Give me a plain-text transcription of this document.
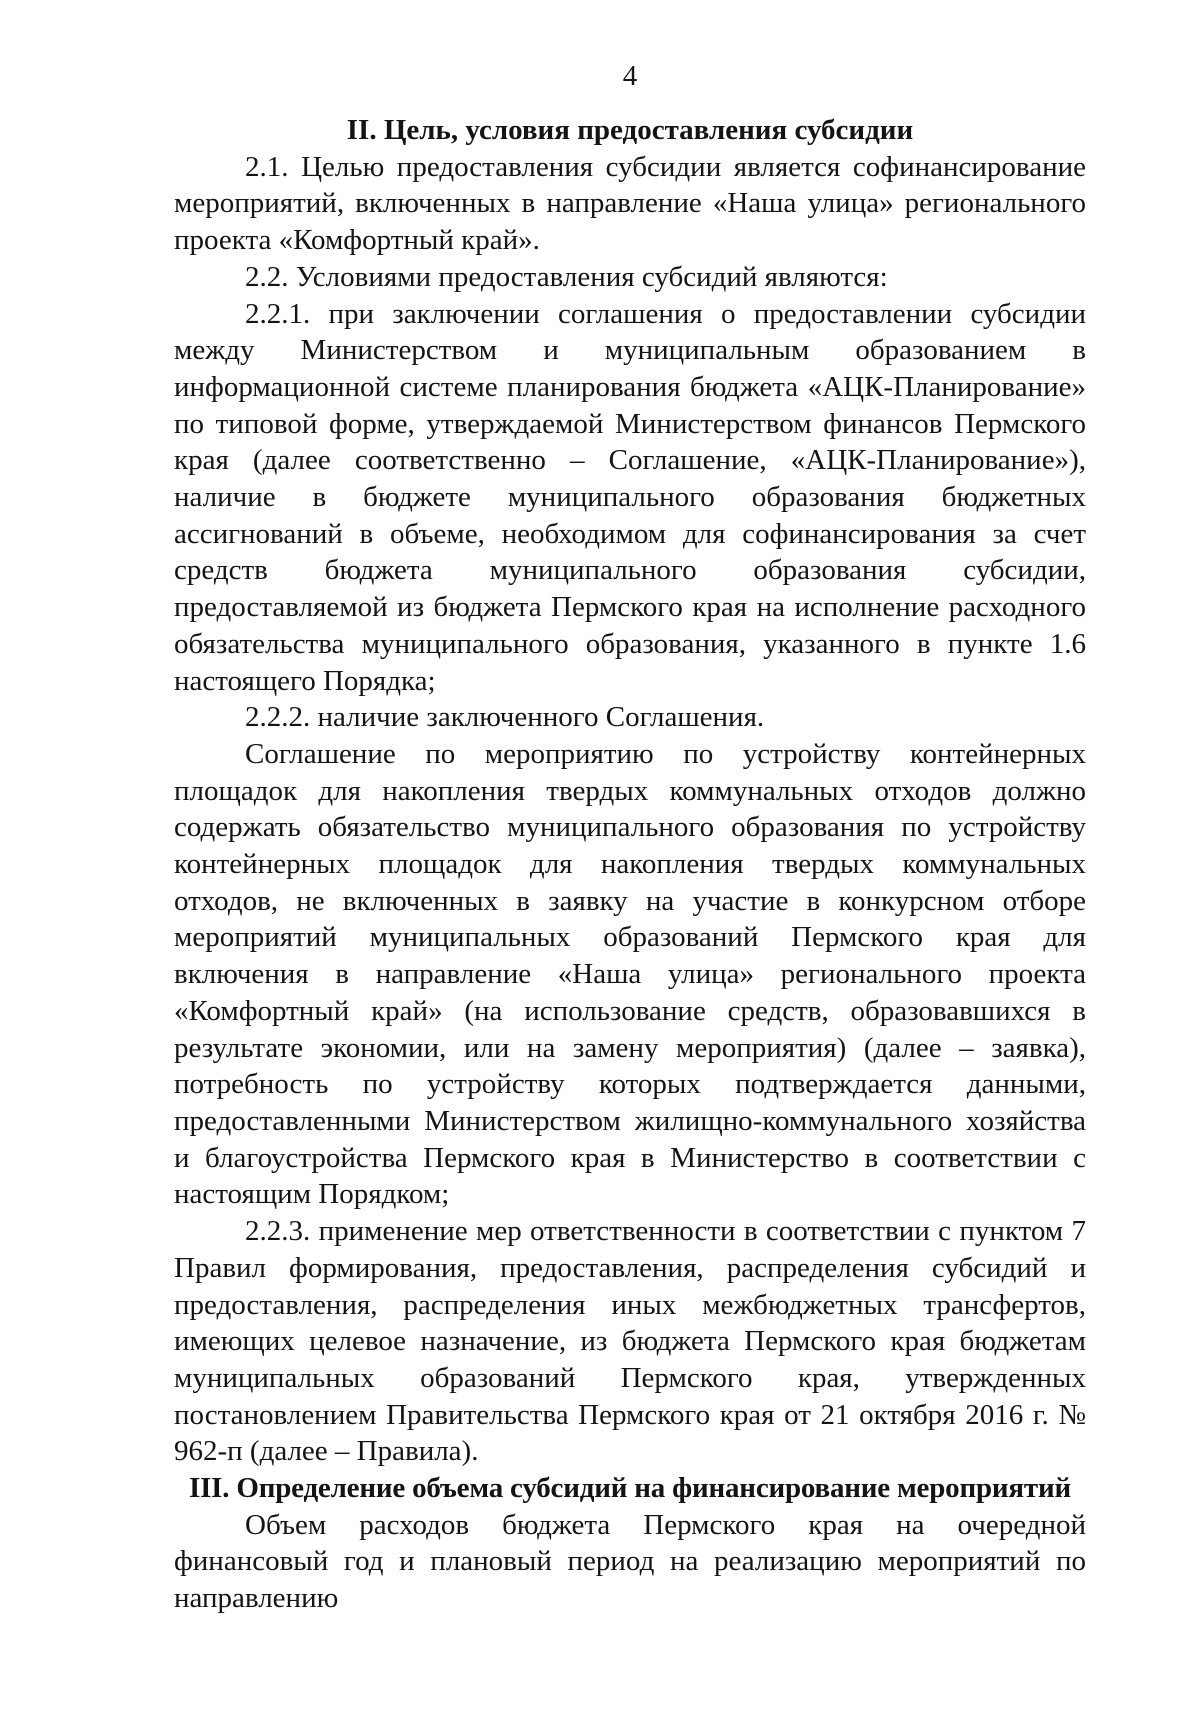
4
II. Цель, условия предоставления субсидии

2.1. Целью предоставления субсидии является софинансирование мероприятий, включенных в направление «Наша улица» регионального проекта «Комфортный край».

2.2. Условиями предоставления субсидий являются:

2.2.1. при заключении соглашения о предоставлении субсидии между Министерством и муниципальным образованием в информационной системе планирования бюджета «АЦК-Планирование» по типовой форме, утверждаемой Министерством финансов Пермского края (далее соответственно – Соглашение, «АЦК-Планирование»), наличие в бюджете муниципального образования бюджетных ассигнований в объеме, необходимом для софинансирования за счет средств бюджета муниципального образования субсидии, предоставляемой из бюджета Пермского края на исполнение расходного обязательства муниципального образования, указанного в пункте 1.6 настоящего Порядка;

2.2.2. наличие заключенного Соглашения.

Соглашение по мероприятию по устройству контейнерных площадок для накопления твердых коммунальных отходов должно содержать обязательство муниципального образования по устройству контейнерных площадок для накопления твердых коммунальных отходов, не включенных в заявку на участие в конкурсном отборе мероприятий муниципальных образований Пермского края для включения в направление «Наша улица» регионального проекта «Комфортный край» (на использование средств, образовавшихся в результате экономии, или на замену мероприятия) (далее – заявка), потребность по устройству которых подтверждается данными, предоставленными Министерством жилищно-коммунального хозяйства и благоустройства Пермского края в Министерство в соответствии с настоящим Порядком;

2.2.3. применение мер ответственности в соответствии с пунктом 7 Правил формирования, предоставления, распределения субсидий и предоставления, распределения иных межбюджетных трансфертов, имеющих целевое назначение, из бюджета Пермского края бюджетам муниципальных образований Пермского края, утвержденных постановлением Правительства Пермского края от 21 октября 2016 г. № 962-п (далее – Правила).

III. Определение объема субсидий на финансирование мероприятий

Объем расходов бюджета Пермского края на очередной финансовый год и плановый период на реализацию мероприятий по направлению
